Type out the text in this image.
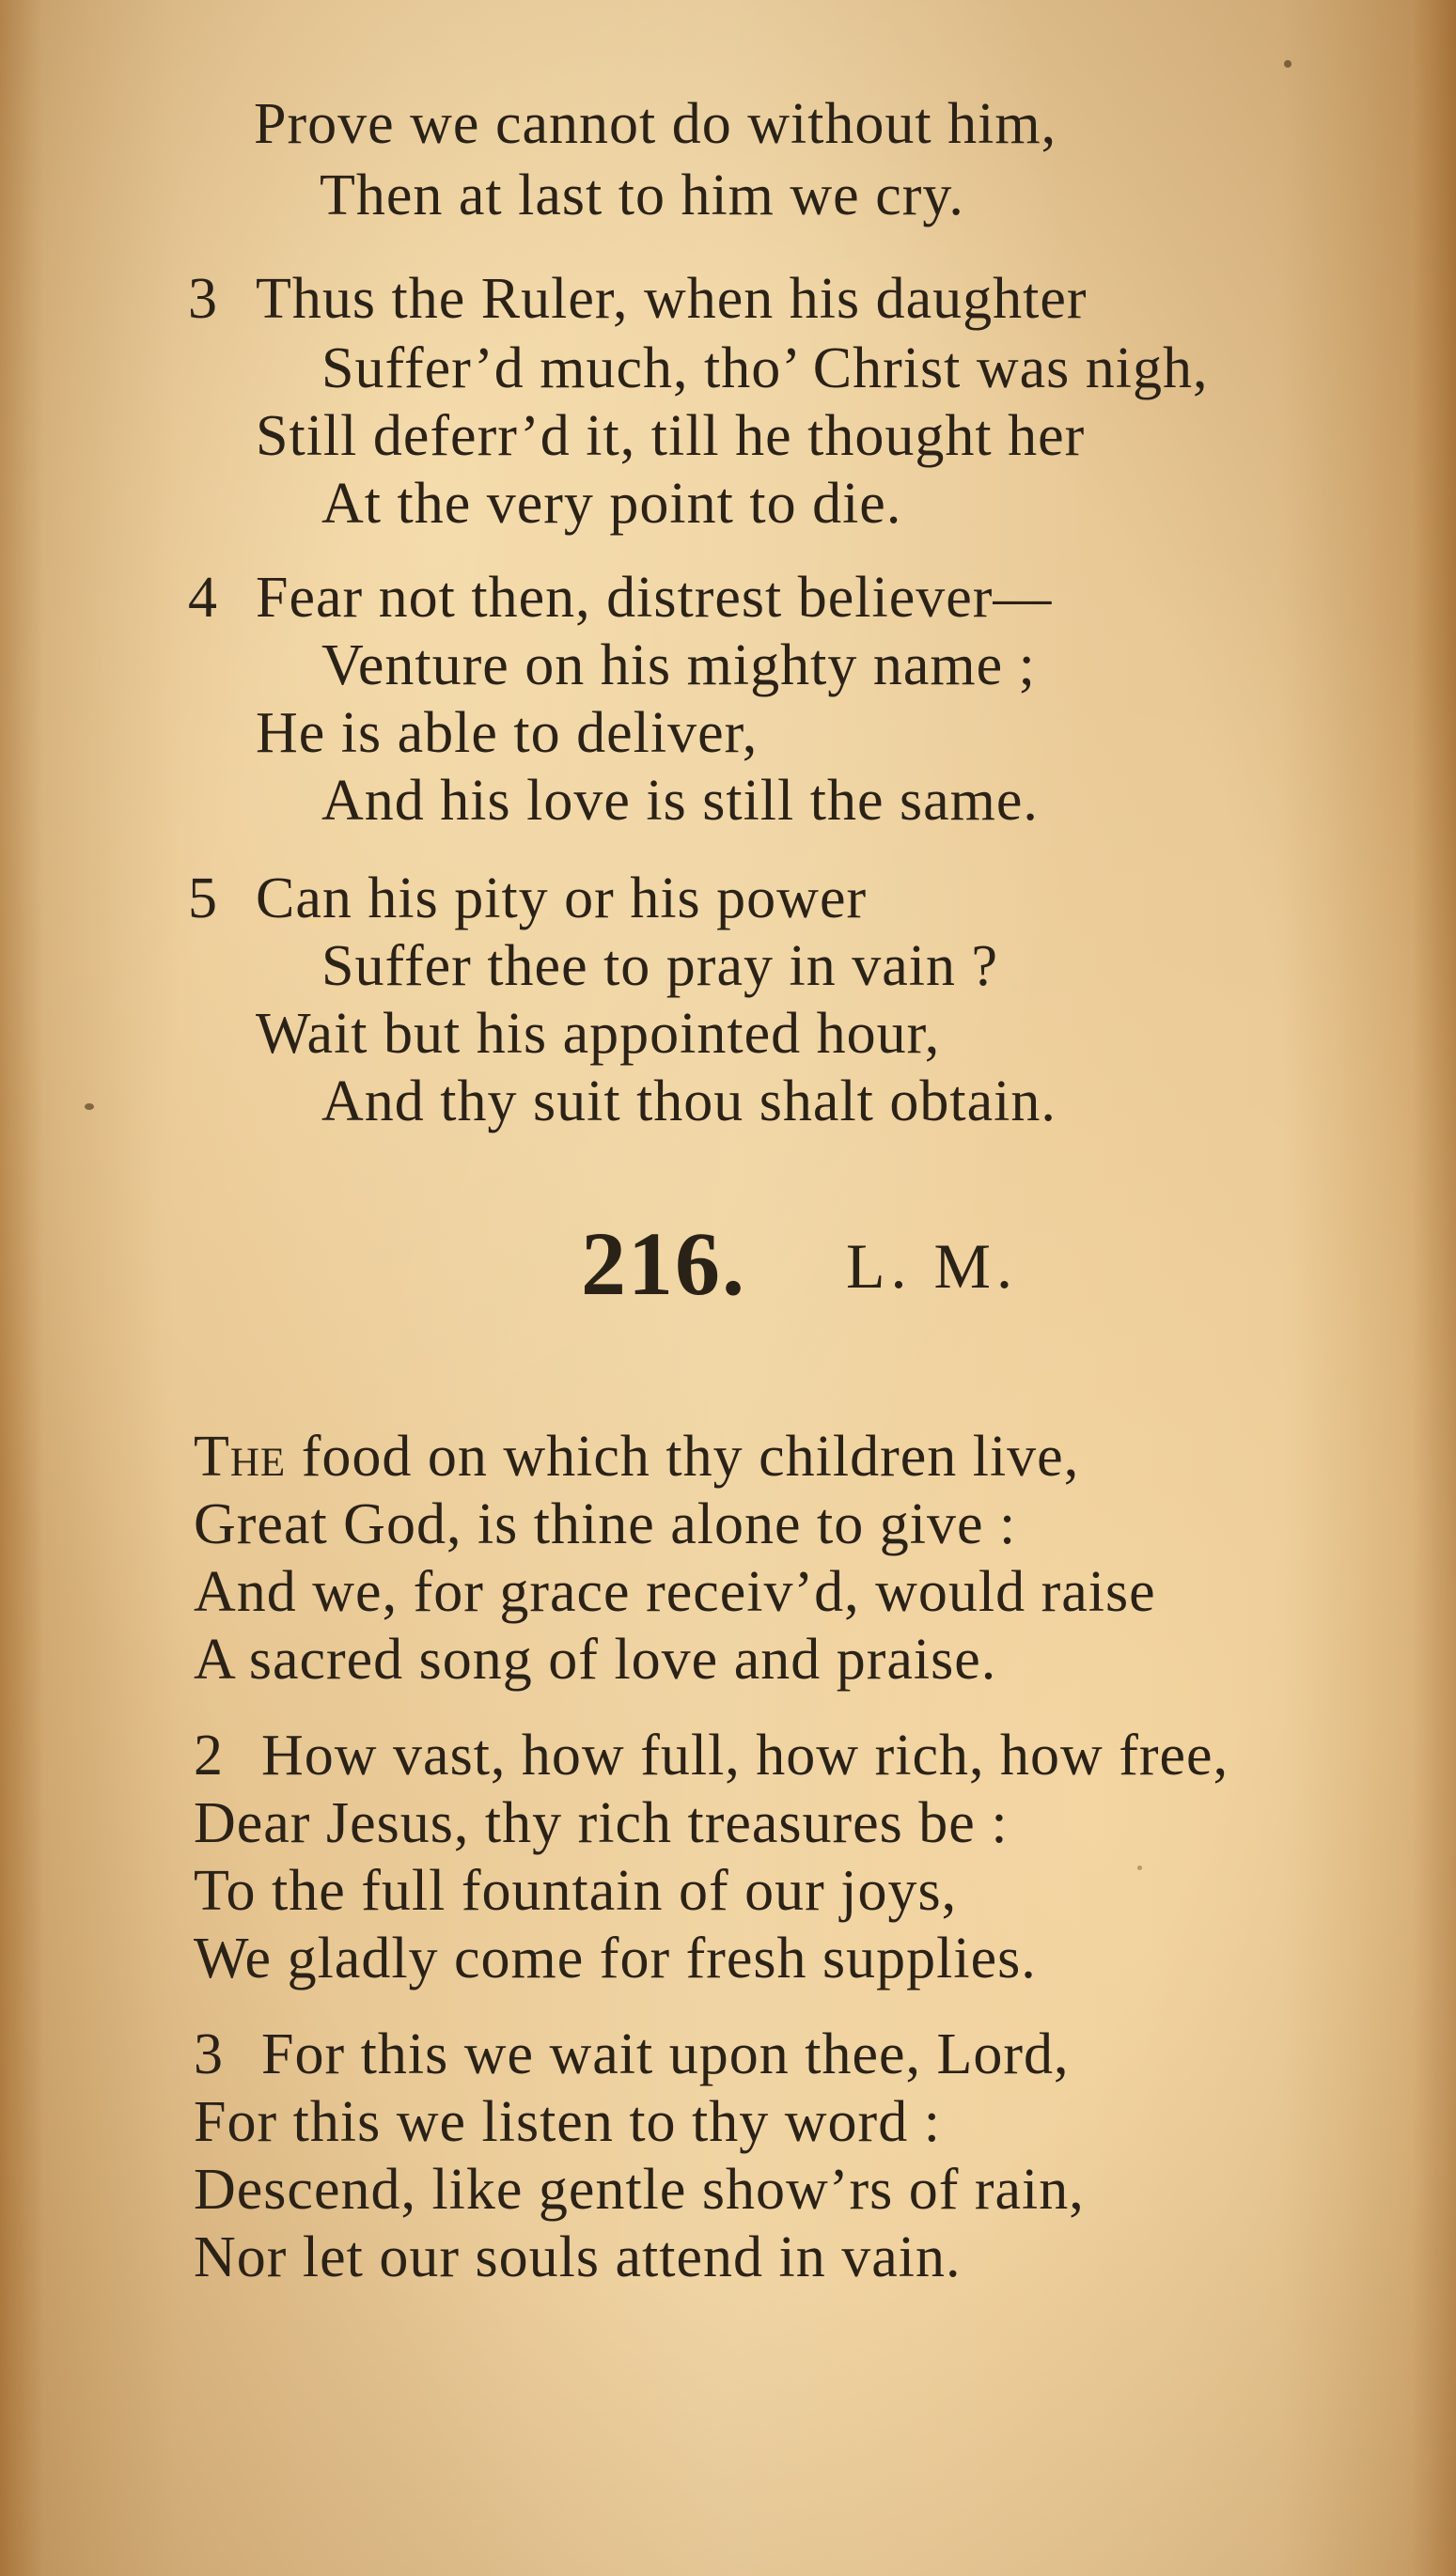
Prove we cannot do without him,
Then at last to him we cry.
3 Thus the Ruler, when his daughter
Suffer’d much, tho’ Christ was nigh,
Still deferr’d it, till he thought her
At the very point to die.
4 Fear not then, distrest believer—
Venture on his mighty name ;
He is able to deliver,
And his love is still the same.
5 Can his pity or his power
Suffer thee to pray in vain ?
Wait but his appointed hour,
And thy suit thou shalt obtain.
216. L. M.
The food on which thy children live,
Great God, is thine alone to give :
And we, for grace receiv’d, would raise
A sacred song of love and praise.
2 How vast, how full, how rich, how free,
Dear Jesus, thy rich treasures be :
To the full fountain of our joys,
We gladly come for fresh supplies.
3 For this we wait upon thee, Lord,
For this we listen to thy word :
Descend, like gentle show’rs of rain,
Nor let our souls attend in vain.
